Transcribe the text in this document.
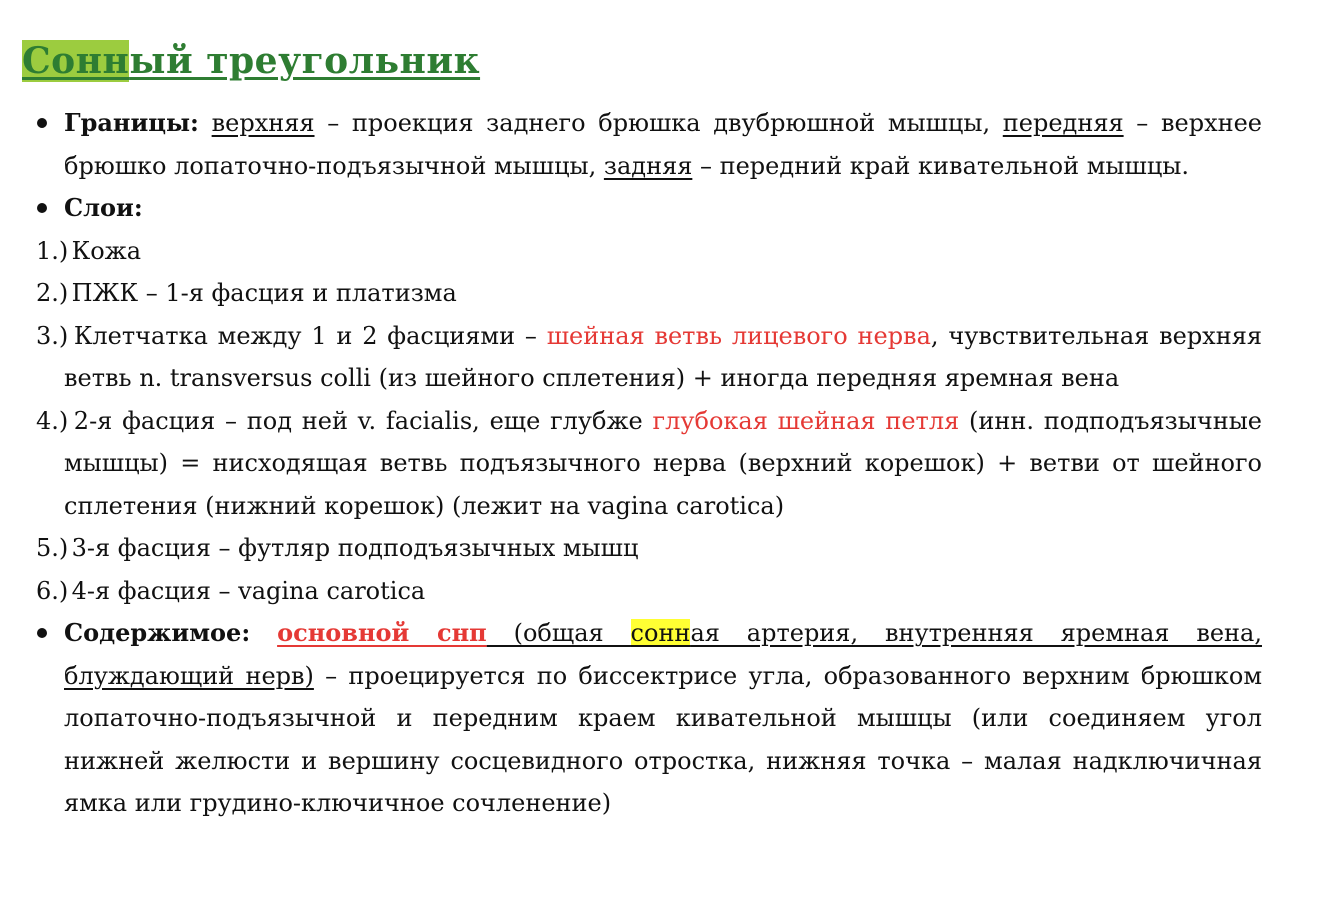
Сонный треугольник
Границы: верхняя – проекция заднего брюшка двубрюшной мышцы, передняя – верхнее брюшко лопаточно-подъязычной мышцы, задняя – передний край кивательной мышцы.
Слои:
1.) Кожа
2.) ПЖК – 1-я фасция и платизма
3.) Клетчатка между 1 и 2 фасциями – шейная ветвь лицевого нерва, чувствительная верхняя ветвь n. transversus colli (из шейного сплетения) + иногда передняя яремная вена
4.) 2-я фасция – под ней v. facialis, еще глубже глубокая шейная петля (инн. подподъязычные мышцы) = нисходящая ветвь подъязычного нерва (верхний корешок) + ветви от шейного сплетения (нижний корешок) (лежит на vagina carotica)
5.) 3-я фасция – футляр подподъязычных мышц
6.) 4-я фасция – vagina carotica
Содержимое: основной снп (общая сонная артерия, внутренняя яремная вена, блуждающий нерв) – проецируется по биссектрисе угла, образованного верхним брюшком лопаточно-подъязычной и передним краем кивательной мышцы (или соединяем угол нижней желюсти и вершину сосцевидного отростка, нижняя точка – малая надключичная ямка или грудино-ключичное сочленение)
